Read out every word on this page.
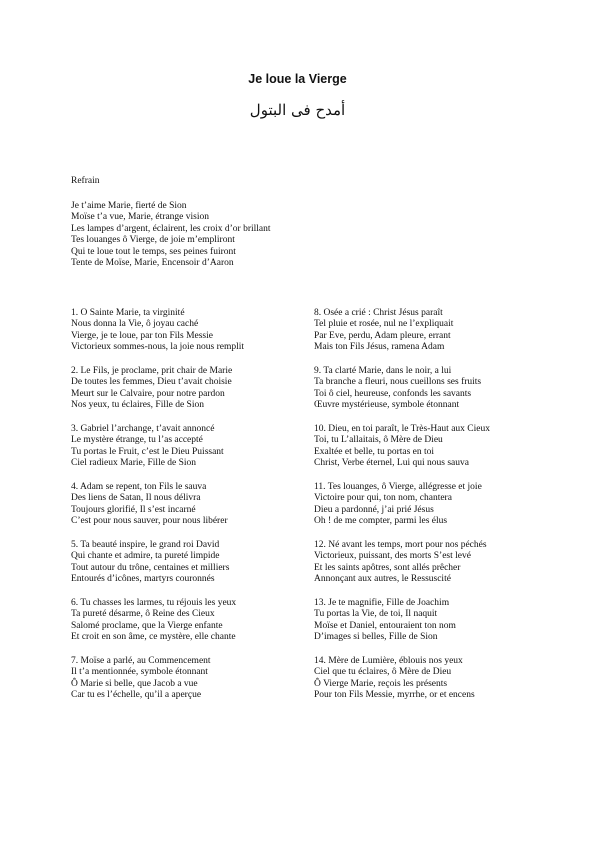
Je loue la Vierge
أمدح فى البتول
Refrain
Je t’aime Marie, fierté de Sion
Moïse t’a vue, Marie, étrange vision
Les lampes d’argent, éclairent, les croix d’or brillant
Tes louanges ô Vierge, de joie m’empliront
Qui te loue tout le temps, ses peines fuiront
Tente de Moïse, Marie, Encensoir d’Aaron
1. Ô Sainte Marie, ta virginité
Nous donna la Vie, ô joyau caché
Vierge, je te loue, par ton Fils Messie
Victorieux sommes-nous, la joie nous remplit
2. Le Fils, je proclame, prit chair de Marie
De toutes les femmes, Dieu t’avait choisie
Meurt sur le Calvaire, pour notre pardon
Nos yeux, tu éclaires, Fille de Sion
3. Gabriel l’archange, t’avait annoncé
Le mystère étrange, tu l’as accepté
Tu portas le Fruit, c’est le Dieu Puissant
Ciel radieux Marie, Fille de Sion
4. Adam se repent, ton Fils le sauva
Des liens de Satan, Il nous délivra
Toujours glorifié, Il s’est incarné
C’est pour nous sauver, pour nous libérer
5. Ta beauté inspire, le grand roi David
Qui chante et admire, ta pureté limpide
Tout autour du trône, centaines et milliers
Entourés d’icônes, martyrs couronnés
6. Tu chasses les larmes, tu réjouis les yeux
Ta pureté désarme, ô Reine des Cieux
Salomé proclame, que la Vierge enfante
Et croit en son âme, ce mystère, elle chante
7. Moïse a parlé, au Commencement
Il t’a mentionnée, symbole étonnant
Ô Marie si belle, que Jacob a vue
Car tu es l’échelle, qu’il a aperçue
8. Osée a crié : Christ Jésus paraît
Tel pluie et rosée, nul ne l’expliquait
Par Eve, perdu, Adam pleure, errant
Mais ton Fils Jésus, ramena Adam
9. Ta clarté Marie, dans le noir, a lui
Ta branche a fleuri, nous cueillons ses fruits
Toi ô ciel, heureuse, confonds les savants
Œuvre mystérieuse, symbole étonnant
10. Dieu, en toi paraît, le Très-Haut aux Cieux
Toi, tu L’allaitais, ô Mère de Dieu
Exaltée et belle, tu portas en toi
Christ, Verbe éternel, Lui qui nous sauva
11. Tes louanges, ô Vierge, allégresse et joie
Victoire pour qui, ton nom, chantera
Dieu a pardonné, j’ai prié Jésus
Oh ! de me compter, parmi les élus
12. Né avant les temps, mort pour nos péchés
Victorieux, puissant, des morts S’est levé
Et les saints apôtres, sont allés prêcher
Annonçant aux autres, le Ressuscité
13. Je te magnifie, Fille de Joachim
Tu portas la Vie, de toi, Il naquit
Moïse et Daniel, entouraient ton nom
D’images si belles, Fille de Sion
14. Mère de Lumière, éblouis nos yeux
Ciel que tu éclaires, ô Mère de Dieu
Ô Vierge Marie, reçois les présents
Pour ton Fils Messie, myrrhe, or et encens
